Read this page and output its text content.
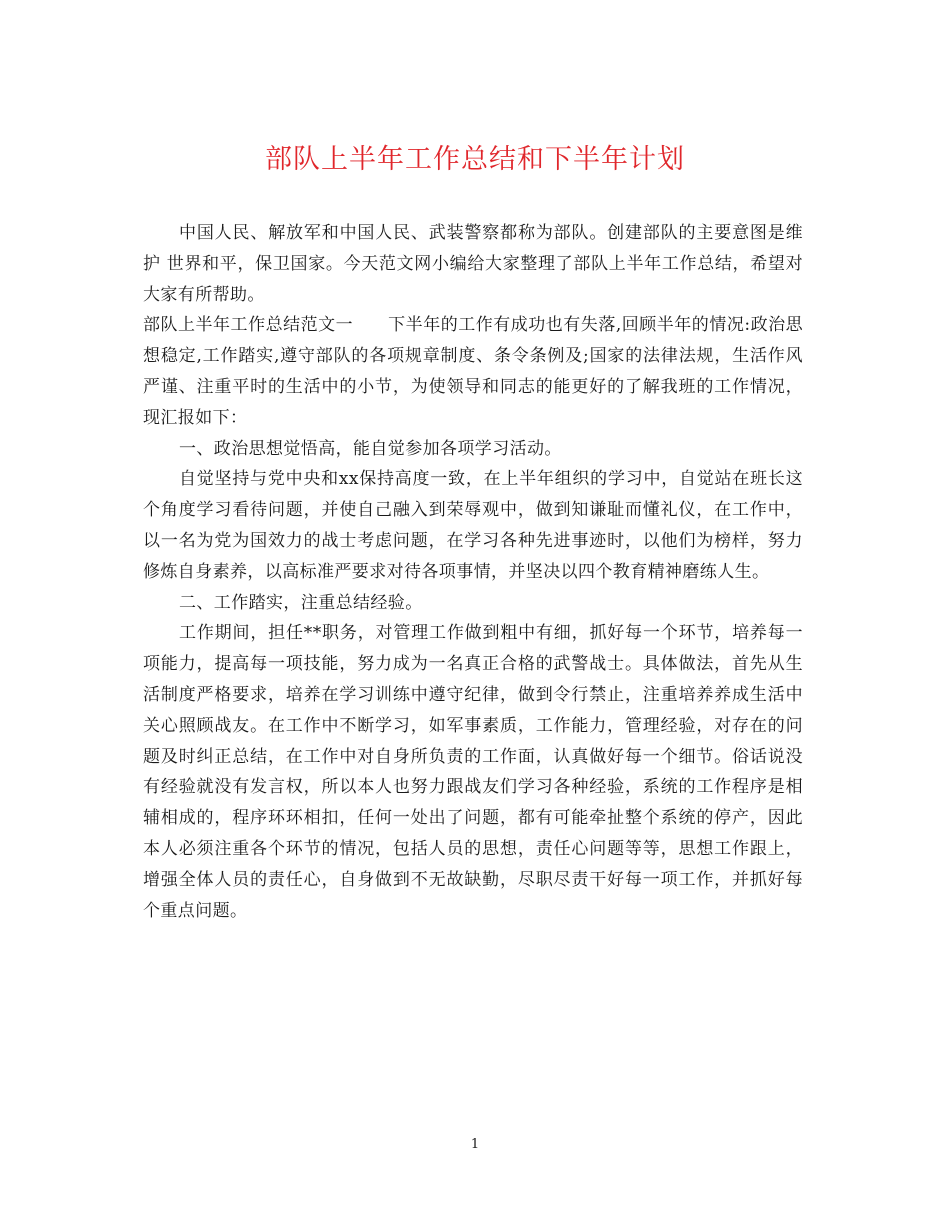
部队上半年工作总结和下半年计划

中国人民、解放军和中国人民、武装警察都称为部队。创建部队的主要意图是维护 世界和平，保卫国家。今天范文网小编给大家整理了部队上半年工作总结，希望对大家有所帮助。

部队上半年工作总结范文一　　下半年的工作有成功也有失落,回顾半年的情况:政治思想稳定,工作踏实,遵守部队的各项规章制度、条令条例及;国家的法律法规，生活作风严谨、注重平时的生活中的小节，为使领导和同志的能更好的了解我班的工作情况，现汇报如下：

一、政治思想觉悟高，能自觉参加各项学习活动。

自觉坚持与党中央和xx保持高度一致，在上半年组织的学习中，自觉站在班长这个角度学习看待问题，并使自己融入到荣辱观中，做到知谦耻而懂礼仪，在工作中，以一名为党为国效力的战士考虑问题，在学习各种先进事迹时，以他们为榜样，努力修炼自身素养，以高标准严要求对待各项事情，并坚决以四个教育精神磨练人生。

二、工作踏实，注重总结经验。

工作期间，担任**职务，对管理工作做到粗中有细，抓好每一个环节，培养每一项能力，提高每一项技能，努力成为一名真正合格的武警战士。具体做法，首先从生活制度严格要求，培养在学习训练中遵守纪律，做到令行禁止，注重培养养成生活中关心照顾战友。在工作中不断学习，如军事素质，工作能力，管理经验，对存在的问题及时纠正总结，在工作中对自身所负责的工作面，认真做好每一个细节。俗话说没有经验就没有发言权，所以本人也努力跟战友们学习各种经验，系统的工作程序是相辅相成的，程序环环相扣，任何一处出了问题，都有可能牵扯整个系统的停产，因此本人必须注重各个环节的情况，包括人员的思想，责任心问题等等，思想工作跟上，增强全体人员的责任心，自身做到不无故缺勤，尽职尽责干好每一项工作，并抓好每个重点问题。

1
